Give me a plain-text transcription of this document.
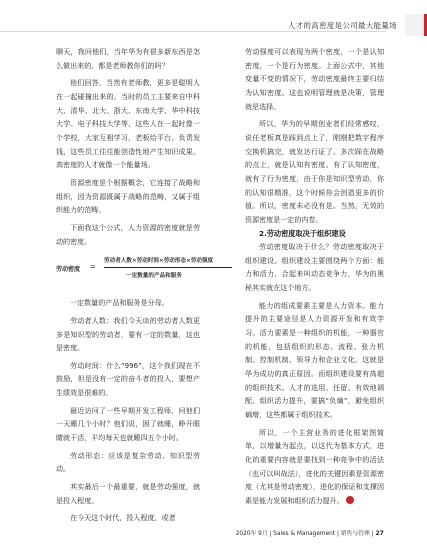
人才的高密度是公司最大能量场

聊天，我问他们，当年华为有很多新东西是怎么做出来的，都是老师教你们的吗？

他们回答，当然有老师教，更多是聪明人在一起碰撞出来的。当时的员工主要来自中科大、清华、北大、浙大、东南大学、华中科技大学、电子科技大学等，这些人在一起时像一个学校，大家互相学习，老板给平台、负责发钱，这些员工往往能创造性地产生知识成果。高密度的人才就像一个能量场。

资源密度是个根据概念，它连接了战略和组织，因为资源既属于战略的范畴，又属于组织能力的范畴。

下面我这个公式，人力资源的密度就是劳动的密度。

劳动密度 =
劳动者人数×劳动时间×劳动形态×劳动强度
一定数量的产品和服务

一定数量的产品和服务是分母。

劳动者人数：我们今天谈的劳动者人数更多是知识型的劳动者，要有一定的数量，这也是密度。

劳动时间：什么“996”，这个我们现在不鼓励，但是没有一定的奋斗者的投入，要想产生绩效是很难的。

最近访问了一些早期开发工程师，问他们一天睡几个小时？他们说，困了就睡，睁开眼睛就干活，平均每天也就睡四五个小时。

劳动形态：应该是复杂劳动、知识型劳动。

其实最后一个最重要，就是劳动强度，就是投入程度。

在今天这个时代，投入程度，或者

劳动强度可以表现为两个密度，一个是认知密度，一个是行为密度。上面公式中，其他变量不变的情况下，劳动密度最终主要归结为认知密度。这也说明管理就是决策，管理就是选择。

所以，华为的早期创业者们经常感叹，说任老板真是踩到点上了，刚刚把数字程序交换机搞完，就发达行证了。多次踩在战略的点上，就是认知有密度。有了认知密度，就有了行为密度，由于你是知识型劳动，你的认知很精准，这个时候你会创造更多的价值。所以，密度未必没有是。当然，无效的资源密度是一定的内卷。

2.劳动密度取决于组织建设

劳动密度取决于什么？劳动密度取决于组织建设。组织建设主要围绕两个方面：能力和活力，合起来叫动态竞争力，华为的奥秘其实就在这个地方。

能力的组成要素主要是人力资本。能力提升的主要途径是人力资源开发和有效学习。活力要素是一种组织的机能，一种器官的机能，包括组织的形态、流程、张力机制、控制机制、领导力和企业文化。这就是华为成功的真正原因。而组织建设要有高超的组织技术。人才的选用、任留、有效地调配、组织活力提升，要搞“负熵”，避免组织熵增，这些都属于组织技术。

所以，一个主营业务的进化框架图简单，以增量为起点，以这代为基本方式，进化的重要内容就是要找到一种竞争中的活法（也可以叫战法），进化的关键因素是资源密度（尤其是劳动密度），进化的保证和支撑因素是能力发展和组织活力提升。

2020年 9月 | Sales & Management | 销售与管理 | 27
